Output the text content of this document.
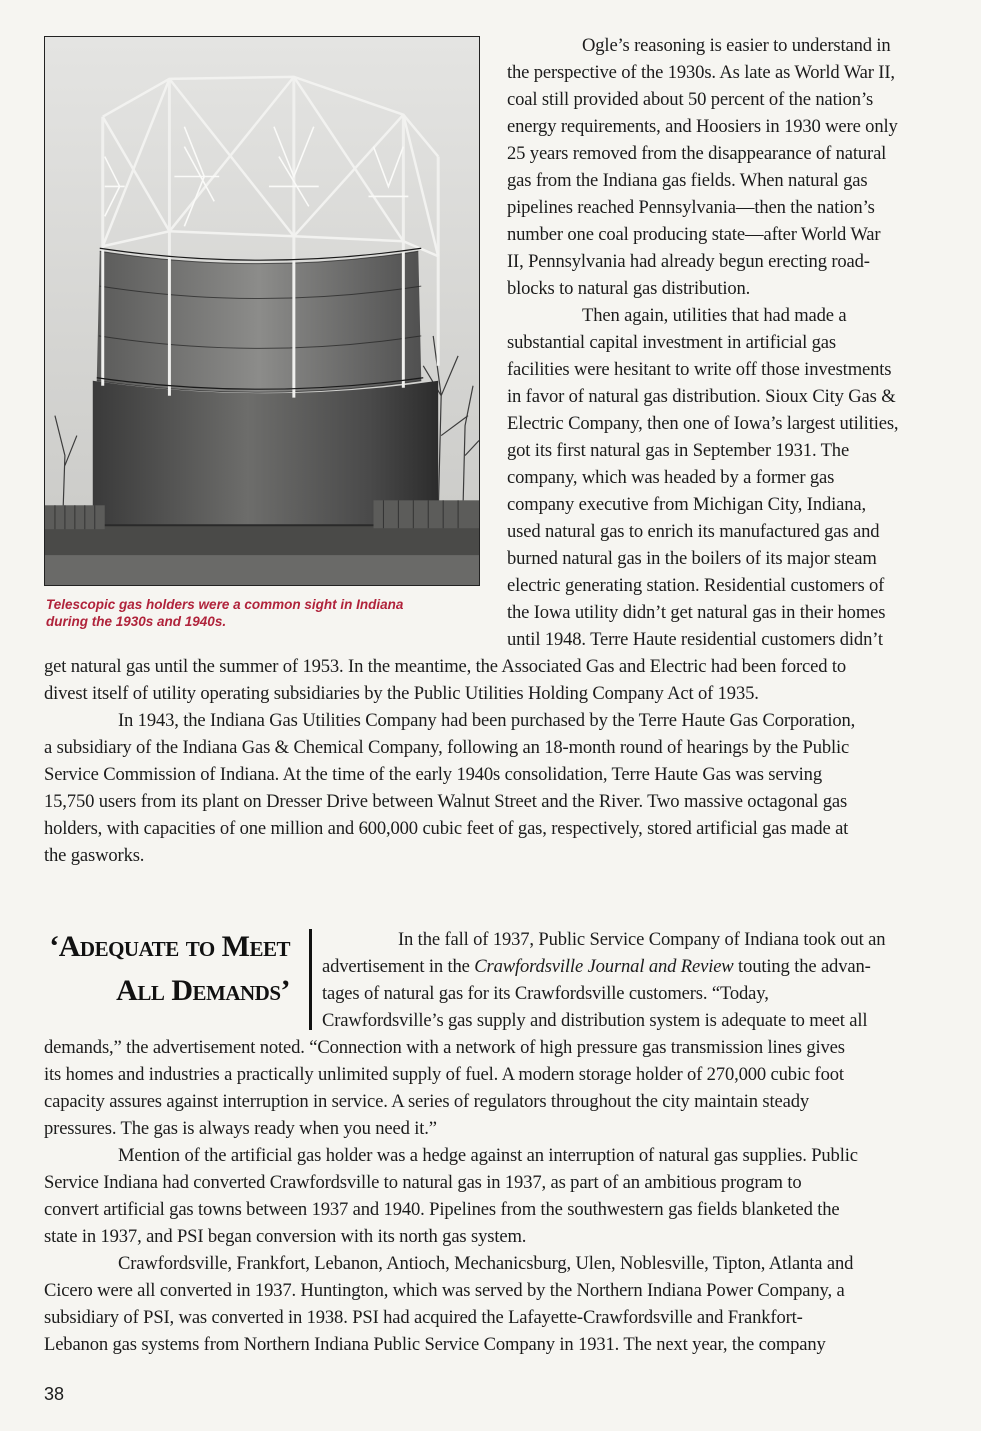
Telescopic gas holders were a common sight in Indiana
during the 1930s and 1940s.
Ogle’s reasoning is easier to understand in
the perspective of the 1930s. As late as World War II,
coal still provided about 50 percent of the nation’s
energy requirements, and Hoosiers in 1930 were only
25 years removed from the disappearance of natural
gas from the Indiana gas fields. When natural gas
pipelines reached Pennsylvania—then the nation’s
number one coal producing state—after World War
II, Pennsylvania had already begun erecting road-
blocks to natural gas distribution.
Then again, utilities that had made a
substantial capital investment in artificial gas
facilities were hesitant to write off those investments
in favor of natural gas distribution. Sioux City Gas &
Electric Company, then one of Iowa’s largest utilities,
got its first natural gas in September 1931. The
company, which was headed by a former gas
company executive from Michigan City, Indiana,
used natural gas to enrich its manufactured gas and
burned natural gas in the boilers of its major steam
electric generating station. Residential customers of
the Iowa utility didn’t get natural gas in their homes
until 1948. Terre Haute residential customers didn’t
get natural gas until the summer of 1953. In the meantime, the Associated Gas and Electric had been forced to
divest itself of utility operating subsidiaries by the Public Utilities Holding Company Act of 1935.
In 1943, the Indiana Gas Utilities Company had been purchased by the Terre Haute Gas Corporation,
a subsidiary of the Indiana Gas & Chemical Company, following an 18-month round of hearings by the Public
Service Commission of Indiana. At the time of the early 1940s consolidation, Terre Haute Gas was serving
15,750 users from its plant on Dresser Drive between Walnut Street and the River. Two massive octagonal gas
holders, with capacities of one million and 600,000 cubic feet of gas, respectively, stored artificial gas made at
the gasworks.
‘Adequate to Meet
All Demands’
In the fall of 1937, Public Service Company of Indiana took out an
advertisement in the Crawfordsville Journal and Review touting the advan-
tages of natural gas for its Crawfordsville customers. “Today,
Crawfordsville’s gas supply and distribution system is adequate to meet all
demands,” the advertisement noted. “Connection with a network of high pressure gas transmission lines gives
its homes and industries a practically unlimited supply of fuel. A modern storage holder of 270,000 cubic foot
capacity assures against interruption in service. A series of regulators throughout the city maintain steady
pressures. The gas is always ready when you need it.”
Mention of the artificial gas holder was a hedge against an interruption of natural gas supplies. Public
Service Indiana had converted Crawfordsville to natural gas in 1937, as part of an ambitious program to
convert artificial gas towns between 1937 and 1940. Pipelines from the southwestern gas fields blanketed the
state in 1937, and PSI began conversion with its north gas system.
Crawfordsville, Frankfort, Lebanon, Antioch, Mechanicsburg, Ulen, Noblesville, Tipton, Atlanta and
Cicero were all converted in 1937. Huntington, which was served by the Northern Indiana Power Company, a
subsidiary of PSI, was converted in 1938. PSI had acquired the Lafayette-Crawfordsville and Frankfort-
Lebanon gas systems from Northern Indiana Public Service Company in 1931. The next year, the company
38
